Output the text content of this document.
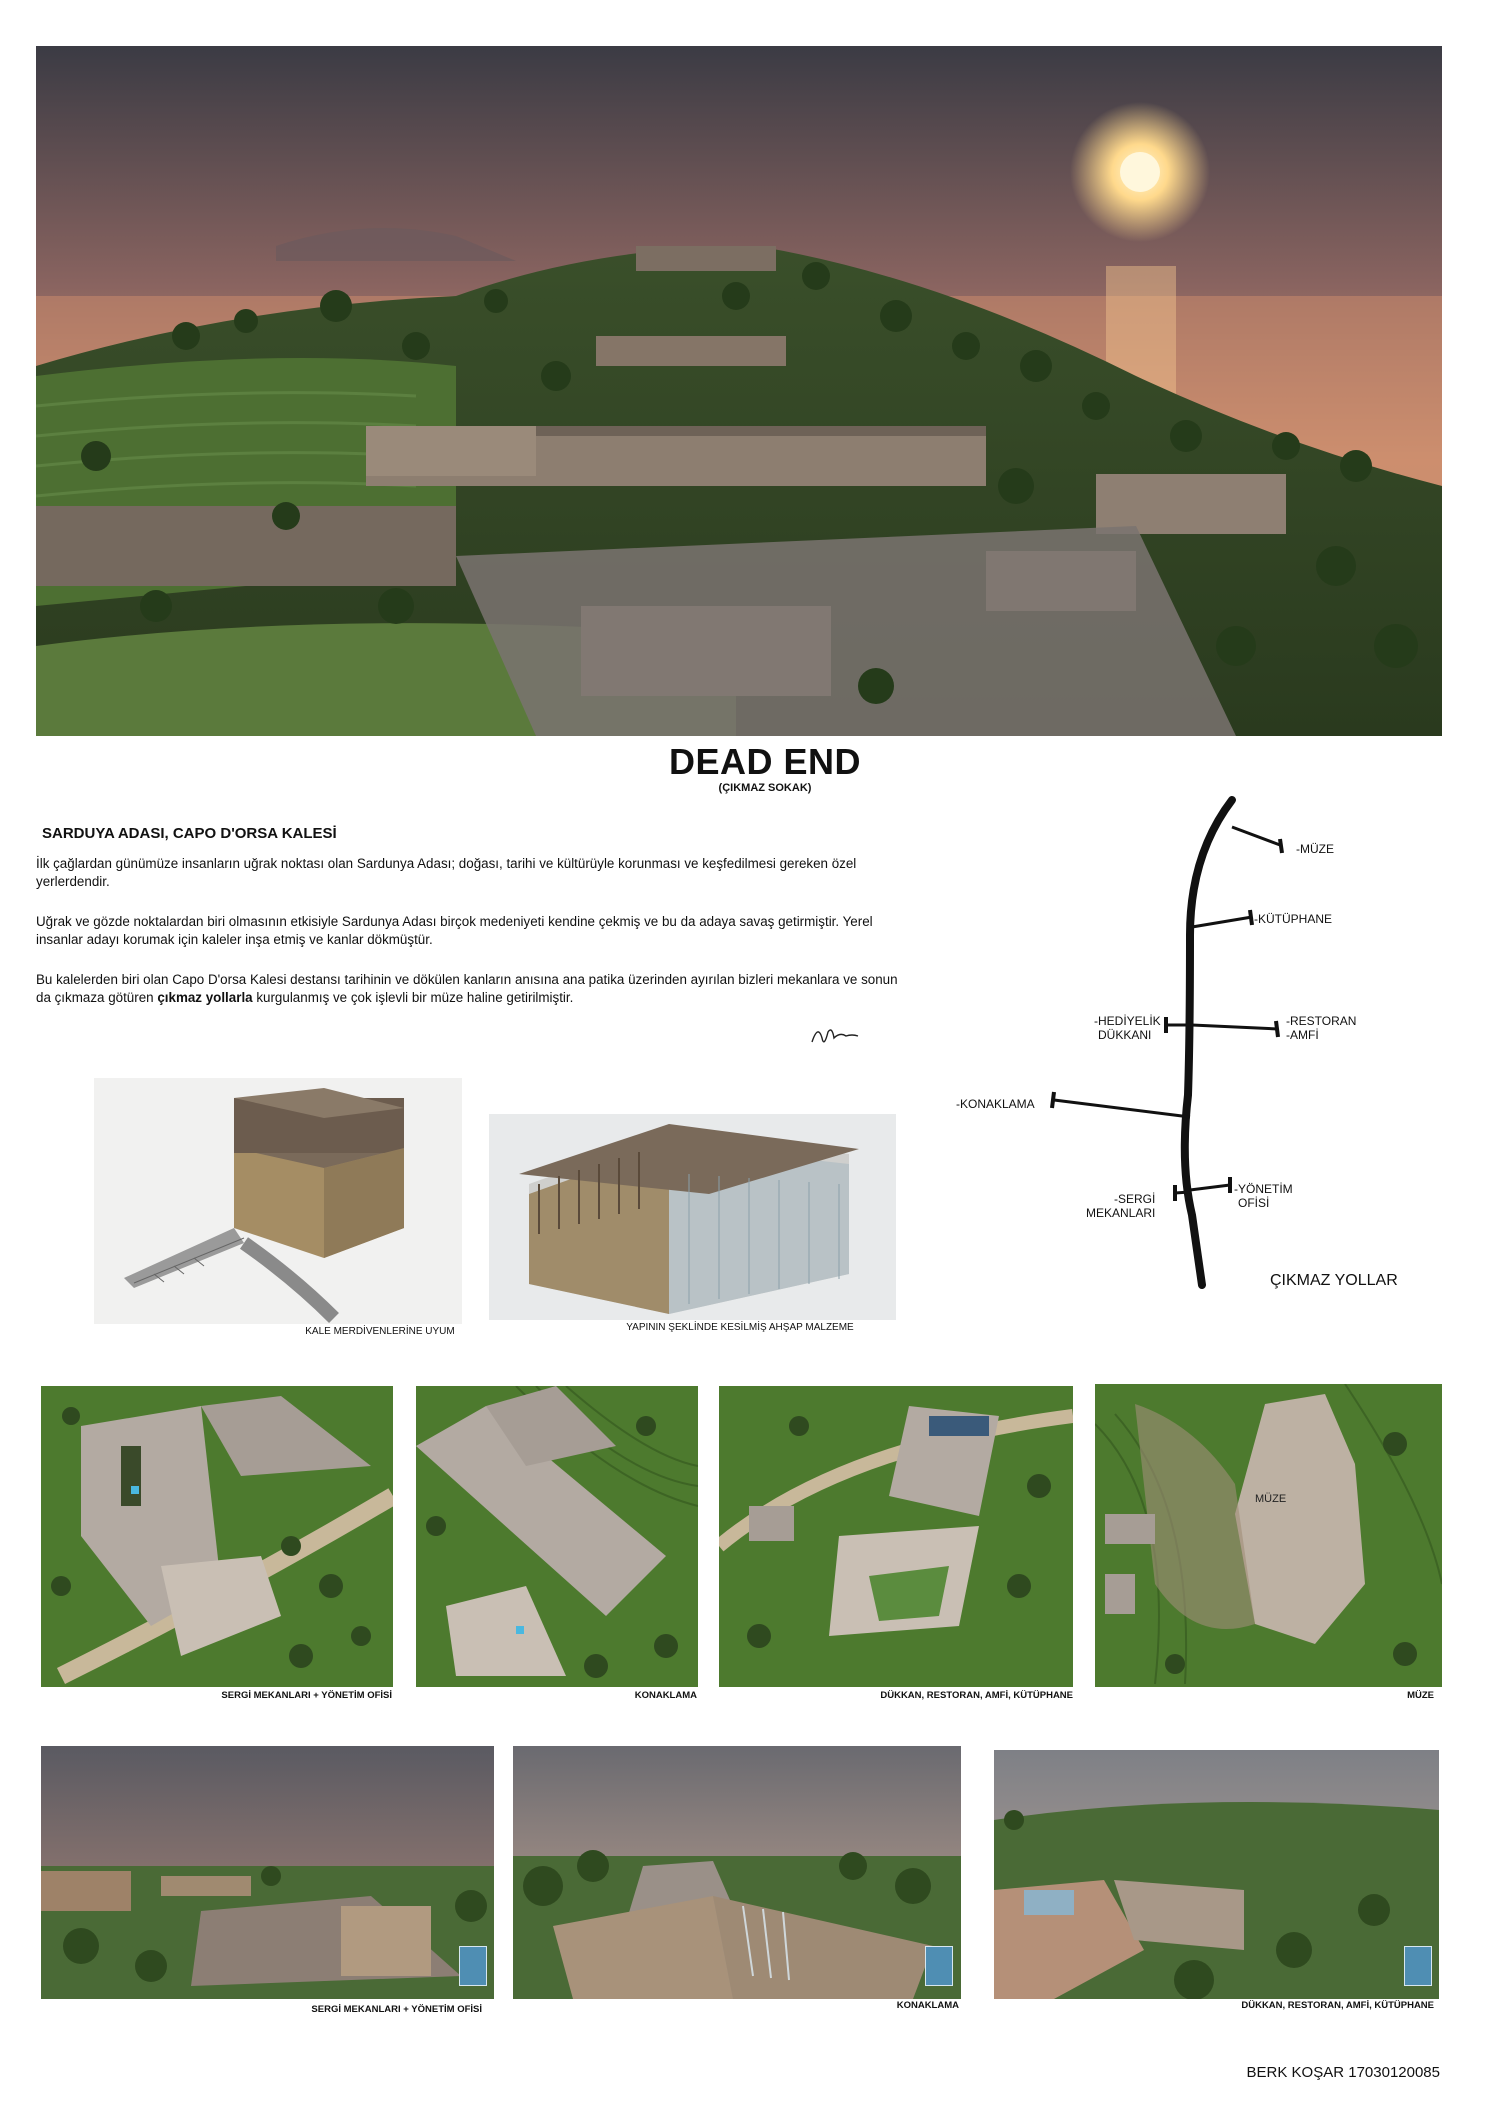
DEAD END
(ÇIKMAZ SOKAK)
SARDUYA ADASI, CAPO D'ORSA KALESİ
İlk çağlardan günümüze insanların uğrak noktası olan Sardunya Adası; doğası, tarihi ve kültürüyle korunması ve keşfedilmesi gereken özel yerlerdendir.
Uğrak ve gözde noktalardan biri olmasının etkisiyle Sardunya Adası birçok medeniyeti kendine çekmiş ve bu da adaya savaş getirmiştir. Yerel insanlar adayı korumak için kaleler inşa etmiş ve kanlar dökmüştür.
Bu kalelerden biri olan Capo D'orsa Kalesi destansı tarihinin ve dökülen kanların anısına ana patika üzerinden ayırılan bizleri mekanlara ve sonun da çıkmaza götüren çıkmaz yollarla kurgulanmış ve çok işlevli bir müze haline getirilmiştir.
-MÜZE
-KÜTÜPHANE
-HEDİYELİK
DÜKKANI
-RESTORAN
-AMFİ
-KONAKLAMA
-YÖNETİM
OFİSİ
-SERGİ
MEKANLARI
ÇIKMAZ YOLLAR
KALE MERDİVENLERİNE UYUM	YAPININ ŞEKLİNDE KESİLMİŞ AHŞAP MALZEME
SERGİ MEKANLARI + YÖNETİM OFİSİ	KONAKLAMA	DÜKKAN, RESTORAN, AMFİ, KÜTÜPHANE
MÜZE
MÜZE
SERGİ MEKANLARI + YÖNETİM OFİSİ	KONAKLAMA	DÜKKAN, RESTORAN, AMFİ, KÜTÜPHANE
BERK KOŞAR 17030120085
